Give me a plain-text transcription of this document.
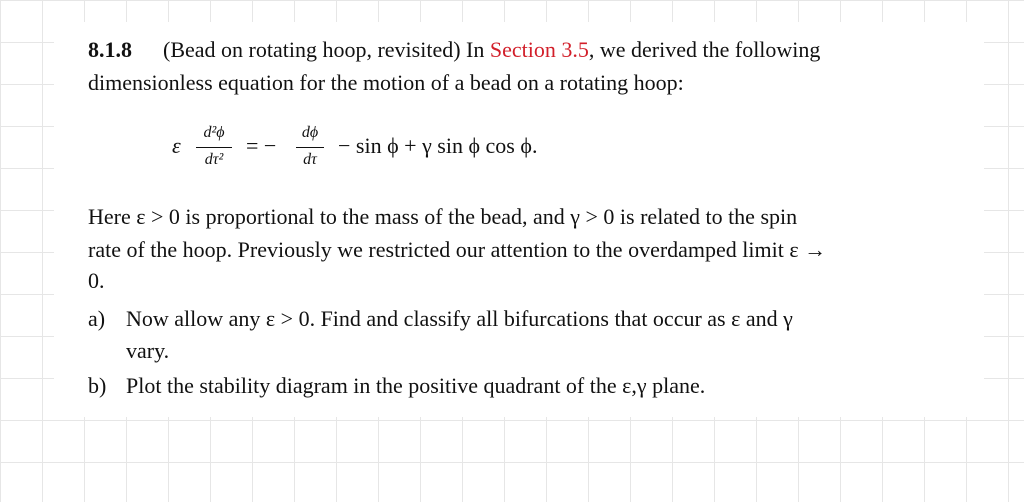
8.1.8 (Bead on rotating hoop, revisited) In Section 3.5, we derived the following
dimensionless equation for the motion of a bead on a rotating hoop:
ε
d²ϕ
dτ²
= −
dϕ
dτ
− sin ϕ + γ sin ϕ cos ϕ.
Here ε > 0 is proportional to the mass of the bead, and γ > 0 is related to the spin
rate of the hoop. Previously we restricted our attention to the overdamped limit ε →
0.
a) Now allow any ε > 0. Find and classify all bifurcations that occur as ε and γ
vary.
b) Plot the stability diagram in the positive quadrant of the ε,γ plane.
